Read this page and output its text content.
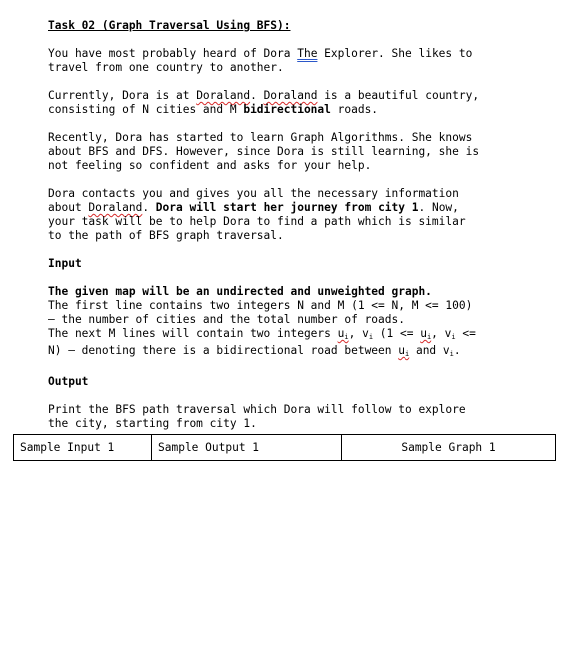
Task 02 (Graph Traversal Using BFS):

You have most probably heard of Dora The Explorer. She likes to
travel from one country to another.

Currently, Dora is at Doraland. Doraland is a beautiful country,
consisting of N cities and M bidirectional roads.

Recently, Dora has started to learn Graph Algorithms. She knows
about BFS and DFS. However, since Dora is still learning, she is
not feeling so confident and asks for your help.

Dora contacts you and gives you all the necessary information
about Doraland. Dora will start her journey from city 1. Now,
your task will be to help Dora to find a path which is similar
to the path of BFS graph traversal.

Input

The given map will be an undirected and unweighted graph.
The first line contains two integers N and M (1 <= N, M <= 100)
— the number of cities and the total number of roads.
The next M lines will contain two integers $u_i$, $v_i$ ($1 <= u_i$, $v_i$ <=
N) — denoting there is a bidirectional road between $u_i$ and $v_i$.

Output

Print the BFS path traversal which Dora will follow to explore
the city, starting from city 1.

Sample Input 1	Sample Output 1	Sample Graph 1
